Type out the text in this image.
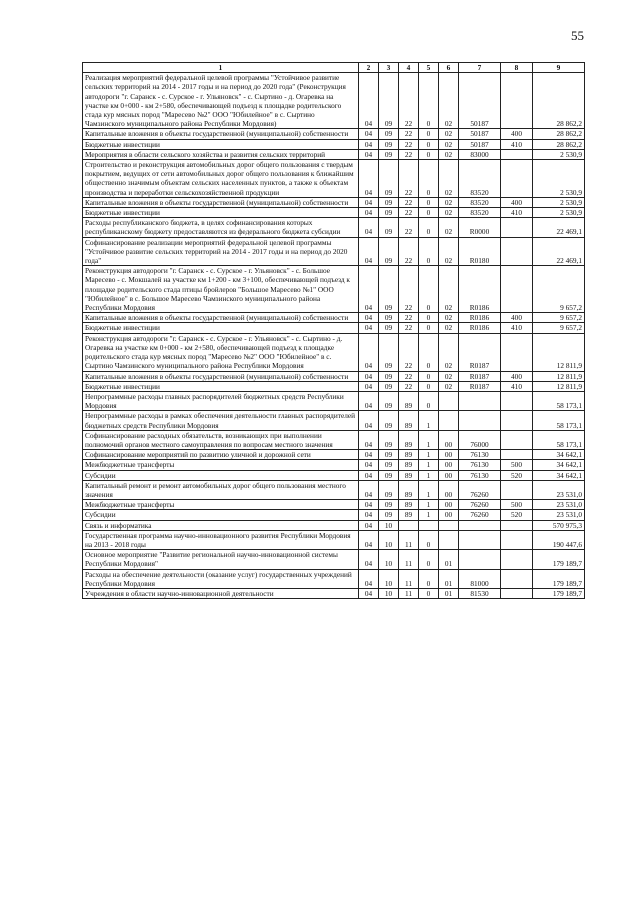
55
1	2	3	4	5	6	7	8	9
Реализация мероприятий федеральной целевой программы "Устойчивое развитие сельских территорий на 2014 - 2017 годы и на период до 2020 года" (Реконструкция автодороги "г. Саранск - с. Сурское - г. Ульяновск" - с. Сыртино - д. Огаревка на участке км 0+000 - км 2+580, обеспечивающей подъезд к площадке родительского стада кур мясных пород "Маресево №2" ООО "Юбилейное" в с. Сыртино Чамзинского муниципального района Республики Мордовия)	04	09	22	0	02	50187		28 862,2
Капитальные вложения в объекты государственной (муниципальной) собственности	04	09	22	0	02	50187	400	28 862,2
Бюджетные инвестиции	04	09	22	0	02	50187	410	28 862,2
Мероприятия в области сельского хозяйства и развития сельских территорий	04	09	22	0	02	83000		2 530,9
Строительство и реконструкция автомобильных дорог общего пользования с твердым покрытием, ведущих от сети автомобильных дорог общего пользования к ближайшим общественно значимым объектам сельских населенных пунктов, а также к объектам производства и переработки сельскохозяйственной продукции	04	09	22	0	02	83520		2 530,9
Капитальные вложения в объекты государственной (муниципальной) собственности	04	09	22	0	02	83520	400	2 530,9
Бюджетные инвестиции	04	09	22	0	02	83520	410	2 530,9
Расходы республиканского бюджета, в целях софинансирования которых республиканскому бюджету предоставляются из федерального бюджета субсидии	04	09	22	0	02	R0000		22 469,1
Софинансирование реализации мероприятий федеральной целевой программы "Устойчивое развитие сельских территорий на 2014 - 2017 годы и на период до 2020 года"	04	09	22	0	02	R0180		22 469,1
Реконструкция автодороги "г. Саранск - с. Сурское - г. Ульяновск" - с. Большое Маресево - с. Мокшалей на участке км 1+200 - км 3+100, обеспечивающей подъезд к площадке родительского стада птицы бройлеров "Большое Маресево №1" ООО "Юбилейное" в с. Большое Маресево Чамзинского муниципального района Республики Мордовия	04	09	22	0	02	R0186		9 657,2
Капитальные вложения в объекты государственной (муниципальной) собственности	04	09	22	0	02	R0186	400	9 657,2
Бюджетные инвестиции	04	09	22	0	02	R0186	410	9 657,2
Реконструкция автодороги "г. Саранск - с. Сурское - г. Ульяновск" - с. Сыртино - д. Огаревка на участке км 0+000 - км 2+580, обеспечивающей подъезд к площадке родительского стада кур мясных пород "Маресево №2" ООО "Юбилейное" в с. Сыртино Чамзинского муниципального района Республики Мордовия	04	09	22	0	02	R0187		12 811,9
Капитальные вложения в объекты государственной (муниципальной) собственности	04	09	22	0	02	R0187	400	12 811,9
Бюджетные инвестиции	04	09	22	0	02	R0187	410	12 811,9
Непрограммные расходы главных распорядителей бюджетных средств Республики Мордовия	04	09	89	0				58 173,1
Непрограммные расходы в рамках обеспечения деятельности главных распорядителей бюджетных средств Республики Мордовия	04	09	89	1				58 173,1
Софинансирование расходных обязательств, возникающих при выполнении полномочий органов местного самоуправления по вопросам местного значения	04	09	89	1	00	76000		58 173,1
Софинансирование мероприятий по развитию уличной и дорожной сети	04	09	89	1	00	76130		34 642,1
Межбюджетные трансферты	04	09	89	1	00	76130	500	34 642,1
Субсидии	04	09	89	1	00	76130	520	34 642,1
Капитальный ремонт и ремонт автомобильных дорог общего пользования местного значения	04	09	89	1	00	76260		23 531,0
Межбюджетные трансферты	04	09	89	1	00	76260	500	23 531,0
Субсидии	04	09	89	1	00	76260	520	23 531,0
Связь и информатика	04	10						570 975,3
Государственная программа научно-инновационного развития Республики Мордовия на 2013 - 2018 годы	04	10	11	0				190 447,6
Основное мероприятие "Развитие региональной научно-инновационной системы Республики Мордовия"	04	10	11	0	01			179 189,7
Расходы на обеспечение деятельности (оказание услуг) государственных учреждений Республики Мордовия	04	10	11	0	01	81000		179 189,7
Учреждения в области научно-инновационной деятельности	04	10	11	0	01	81530		179 189,7
